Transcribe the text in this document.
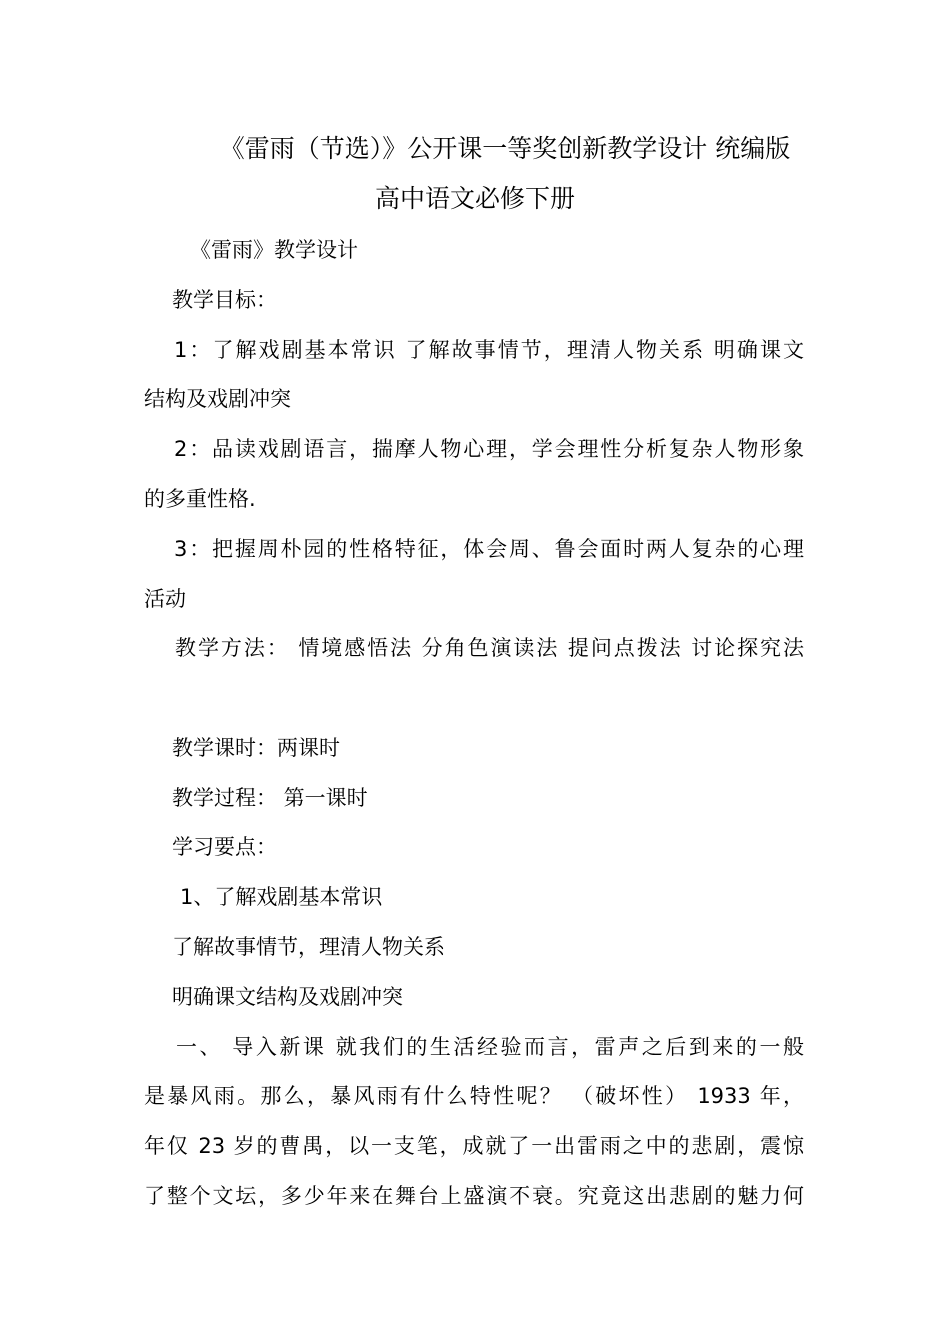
《雷雨（节选）》公开课一等奖创新教学设计 统编版
高中语文必修下册
《雷雨》教学设计
教学目标：
1：了解戏剧基本常识 了解故事情节，理清人物关系 明确课文
结构及戏剧冲突
2：品读戏剧语言，揣摩人物心理，学会理性分析复杂人物形象
的多重性格.
3：把握周朴园的性格特征，体会周、鲁会面时两人复杂的心理
活动
教学方法： 情境感悟法 分角色演读法 提问点拨法 讨论探究法
教学课时：两课时
教学过程： 第一课时
学习要点：
1、了解戏剧基本常识
了解故事情节，理清人物关系
明确课文结构及戏剧冲突
一、 导入新课 就我们的生活经验而言，雷声之后到来的一般
是暴风雨。那么，暴风雨有什么特性呢？ （破坏性） 1933 年，
年仅 23 岁的曹禺，以一支笔，成就了一出雷雨之中的悲剧，震惊
了整个文坛，多少年来在舞台上盛演不衰。究竟这出悲剧的魅力何
